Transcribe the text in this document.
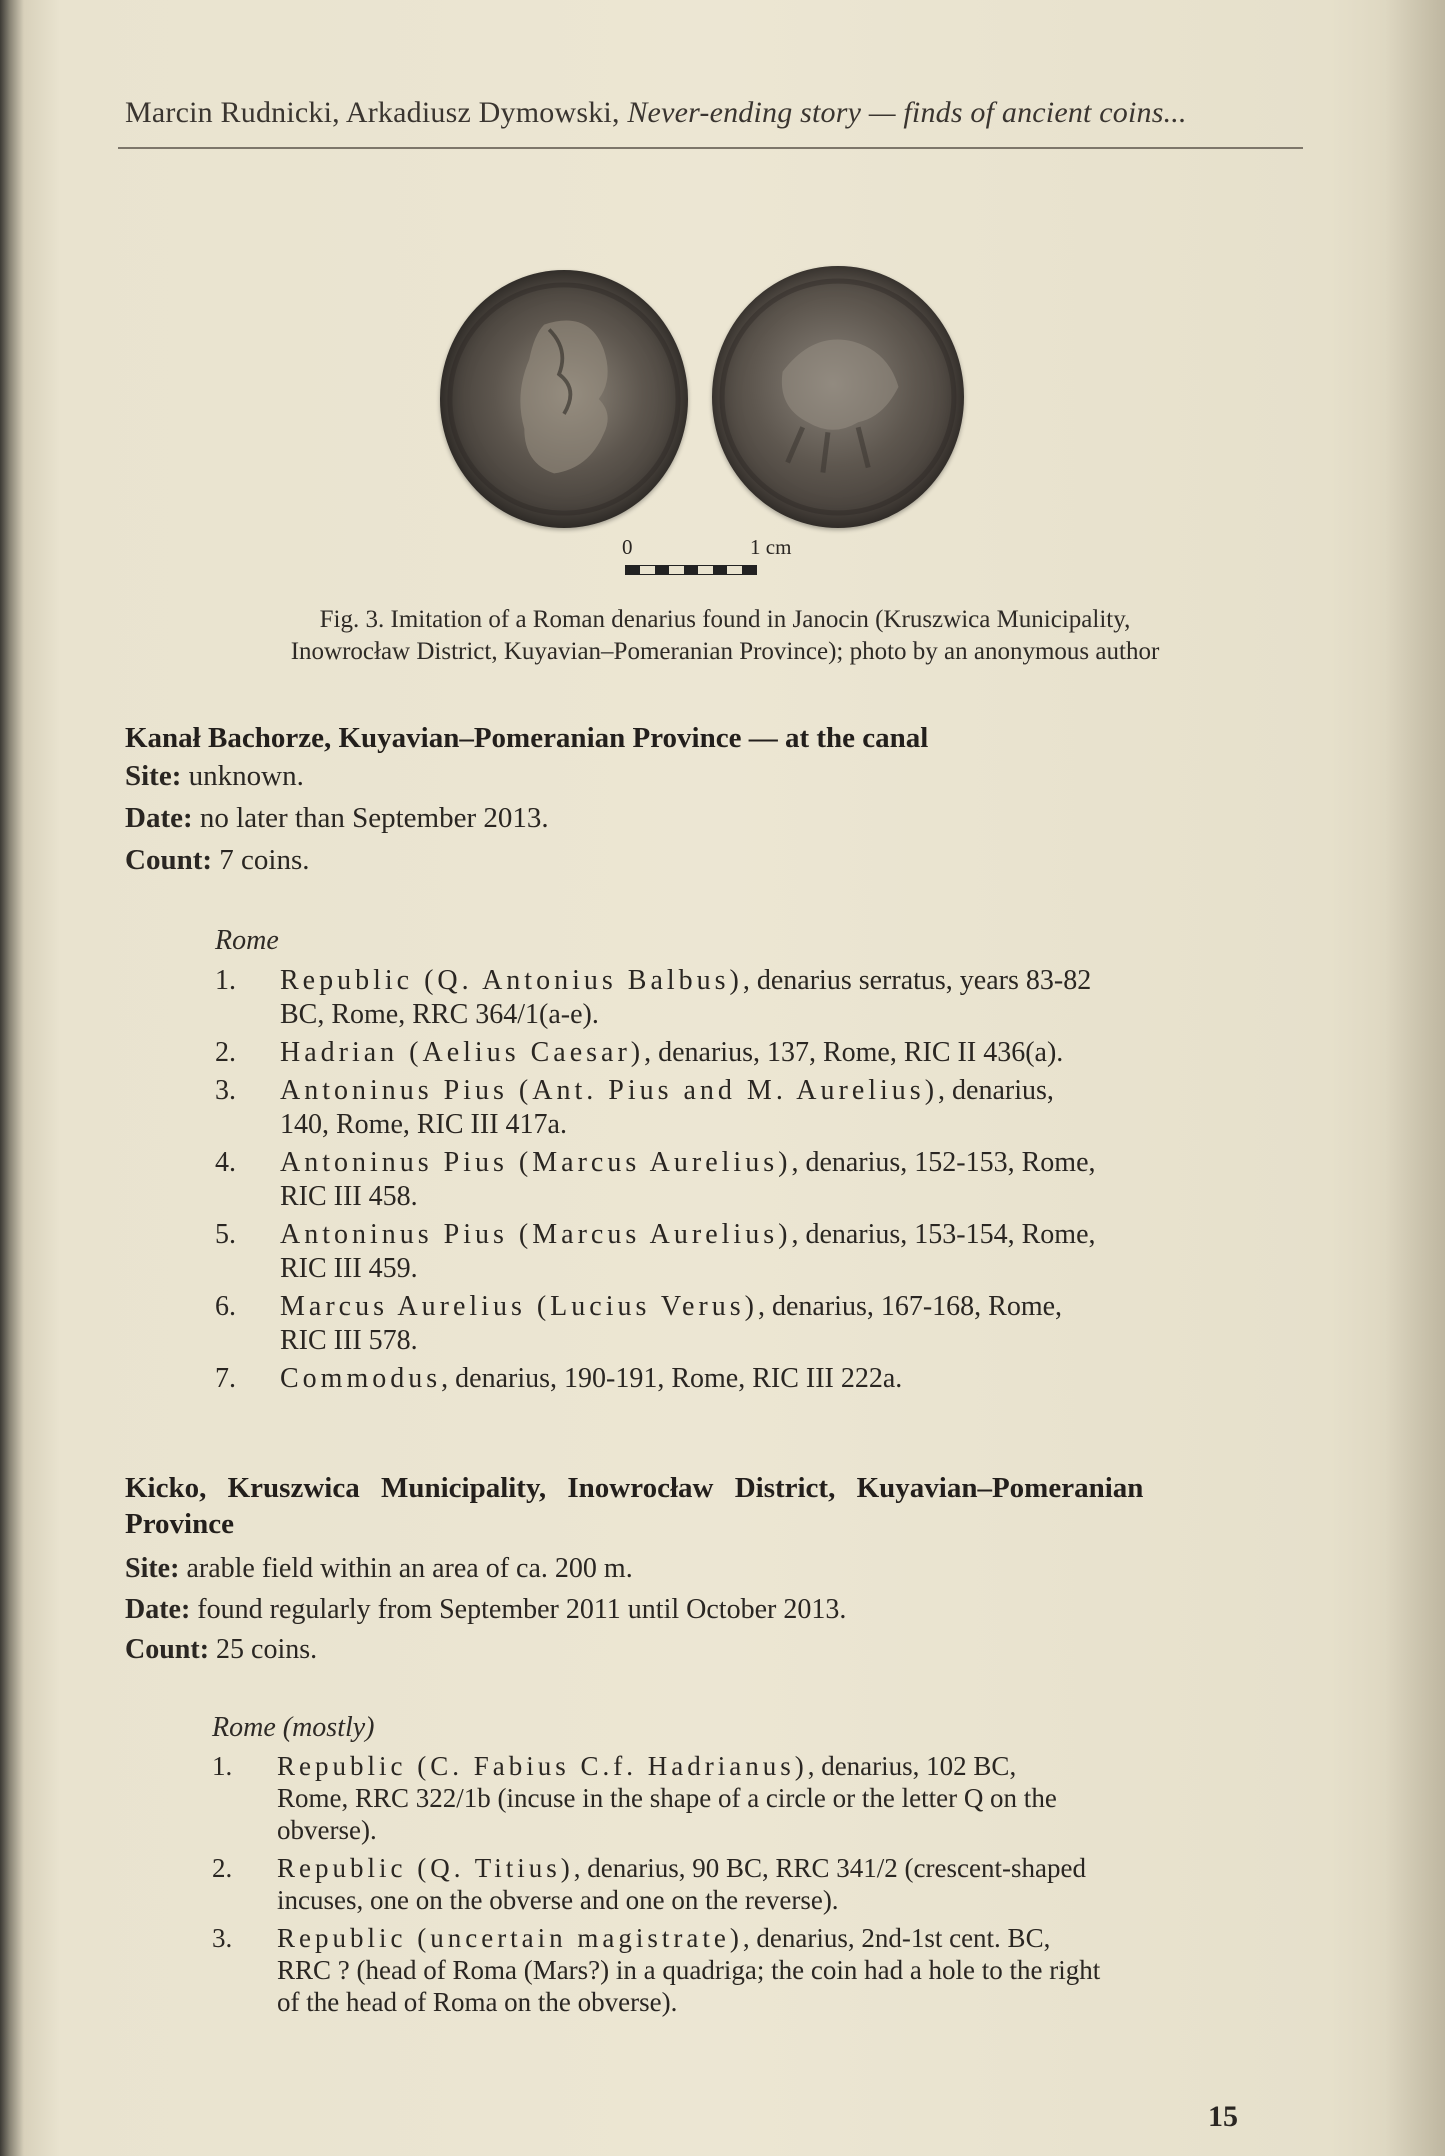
Marcin Rudnicki, Arkadiusz Dymowski, Never-ending story — finds of ancient coins...
0	1 cm
Fig. 3. Imitation of a Roman denarius found in Janocin (Kruszwica Municipality,
Inowrocław District, Kuyavian–Pomeranian Province); photo by an anonymous author
Kanał Bachorze, Kuyavian–Pomeranian Province — at the canal
Site: unknown.
Date: no later than September 2013.
Count: 7 coins.
Rome
1. Republic (Q. Antonius Balbus), denarius serratus, years 83-82
BC, Rome, RRC 364/1(a-e).
2. Hadrian (Aelius Caesar), denarius, 137, Rome, RIC II 436(a).
3. Antoninus Pius (Ant. Pius and M. Aurelius), denarius,
140, Rome, RIC III 417a.
4. Antoninus Pius (Marcus Aurelius), denarius, 152-153, Rome,
RIC III 458.
5. Antoninus Pius (Marcus Aurelius), denarius, 153-154, Rome,
RIC III 459.
6. Marcus Aurelius (Lucius Verus), denarius, 167-168, Rome,
RIC III 578.
7. Commodus, denarius, 190-191, Rome, RIC III 222a.
Kicko, Kruszwica Municipality, Inowrocław District, Kuyavian–Pomeranian
Province
Site: arable field within an area of ca. 200 m.
Date: found regularly from September 2011 until October 2013.
Count: 25 coins.
Rome (mostly)
1. Republic (C. Fabius C.f. Hadrianus), denarius, 102 BC,
Rome, RRC 322/1b (incuse in the shape of a circle or the letter Q on the
obverse).
2. Republic (Q. Titius), denarius, 90 BC, RRC 341/2 (crescent-shaped
incuses, one on the obverse and one on the reverse).
3. Republic (uncertain magistrate), denarius, 2nd-1st cent. BC,
RRC ? (head of Roma (Mars?) in a quadriga; the coin had a hole to the right
of the head of Roma on the obverse).
15
